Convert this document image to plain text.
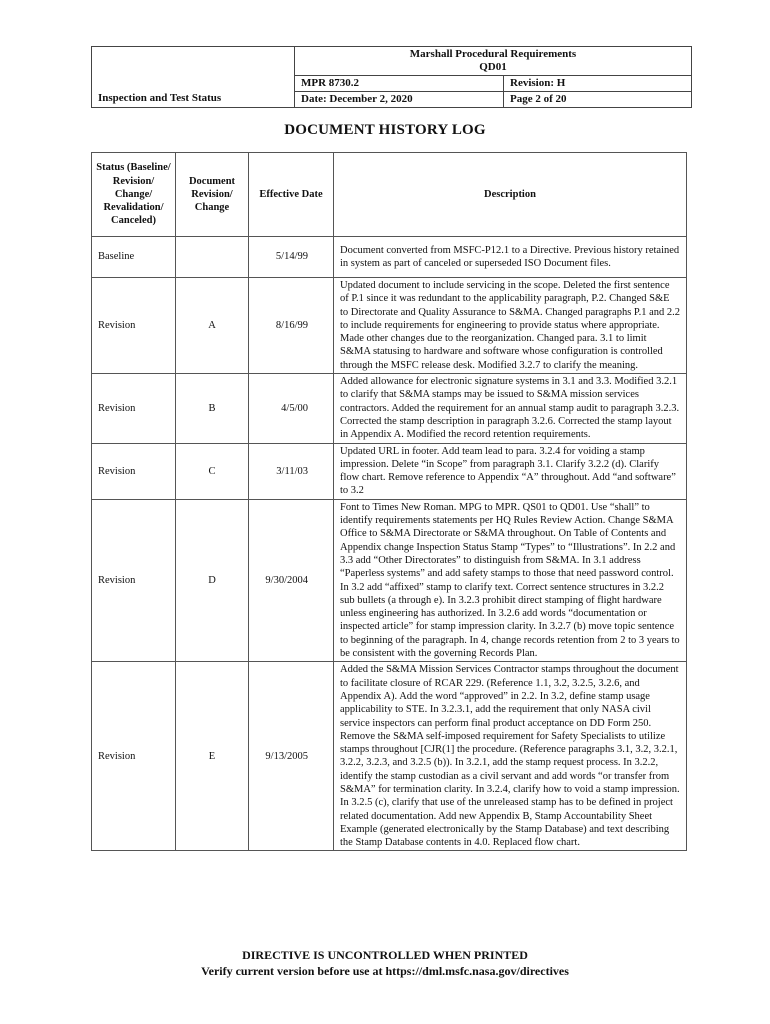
Inspection and Test Status	Marshall Procedural Requirements
QD01	

	MPR 8730.2	Revision: H
	Date: December 2, 2020	Page 2 of 20
DOCUMENT HISTORY LOG
Status (Baseline/ Revision/ Change/ Revalidation/ Canceled)	Document Revision/ Change	Effective Date	Description
Baseline		5/14/99	Document converted from MSFC-P12.1 to a Directive. Previous history retained in system as part of canceled or superseded ISO Document files.
Revision	A	8/16/99	Updated document to include servicing in the scope. Deleted the first sentence of P.1 since it was redundant to the applicability paragraph, P.2. Changed S&E to Directorate and Quality Assurance to S&MA. Changed paragraphs P.1 and 2.2 to include requirements for engineering to provide status where appropriate. Made other changes due to the reorganization. Changed para. 3.1 to limit S&MA statusing to hardware and software whose configuration is controlled through the MSFC release desk. Modified 3.2.7 to clarify the meaning.
Revision	B	4/5/00	Added allowance for electronic signature systems in 3.1 and 3.3. Modified 3.2.1 to clarify that S&MA stamps may be issued to S&MA mission services contractors. Added the requirement for an annual stamp audit to paragraph 3.2.3. Corrected the stamp description in paragraph 3.2.6. Corrected the stamp layout in Appendix A. Modified the record retention requirements.
Revision	C	3/11/03	Updated URL in footer. Add team lead to para. 3.2.4 for voiding a stamp impression. Delete “in Scope” from paragraph 3.1. Clarify 3.2.2 (d). Clarify flow chart. Remove reference to Appendix “A” throughout. Add “and software” to 3.2
Revision	D	9/30/2004	Font to Times New Roman. MPG to MPR. QS01 to QD01. Use “shall” to identify requirements statements per HQ Rules Review Action. Change S&MA Office to S&MA Directorate or S&MA throughout. On Table of Contents and Appendix change Inspection Status Stamp “Types” to “Illustrations”. In 2.2 and 3.3 add “Other Directorates” to distinguish from S&MA. In 3.1 address “Paperless systems” and add safety stamps to those that need password control. In 3.2 add “affixed” stamp to clarify text. Correct sentence structures in 3.2.2 sub bullets (a through e). In 3.2.3 prohibit direct stamping of flight hardware unless engineering has authorized. In 3.2.6 add words “documentation or inspected article” for stamp impression clarity. In 3.2.7 (b) move topic sentence to beginning of the paragraph. In 4, change records retention from 2 to 3 years to be consistent with the governing Records Plan.
Revision	E	9/13/2005	Added the S&MA Mission Services Contractor stamps throughout the document to facilitate closure of RCAR 229. (Reference 1.1, 3.2, 3.2.5, 3.2.6, and Appendix A). Add the word “approved” in 2.2. In 3.2, define stamp usage applicability to STE. In 3.2.3.1, add the requirement that only NASA civil service inspectors can perform final product acceptance on DD Form 250. Remove the S&MA self-imposed requirement for Safety Specialists to utilize stamps throughout [CJR(1] the procedure. (Reference paragraphs 3.1, 3.2, 3.2.1, 3.2.2, 3.2.3, and 3.2.5 (b)). In 3.2.1, add the stamp request process. In 3.2.2, identify the stamp custodian as a civil servant and add words “or transfer from S&MA” for termination clarity. In 3.2.4, clarify how to void a stamp impression. In 3.2.5 (c), clarify that use of the unreleased stamp has to be defined in project related documentation. Add new Appendix B, Stamp Accountability Sheet Example (generated electronically by the Stamp Database) and text describing the Stamp Database contents in 4.0. Replaced flow chart.
DIRECTIVE IS UNCONTROLLED WHEN PRINTED
Verify current version before use at https://dml.msfc.nasa.gov/directives
